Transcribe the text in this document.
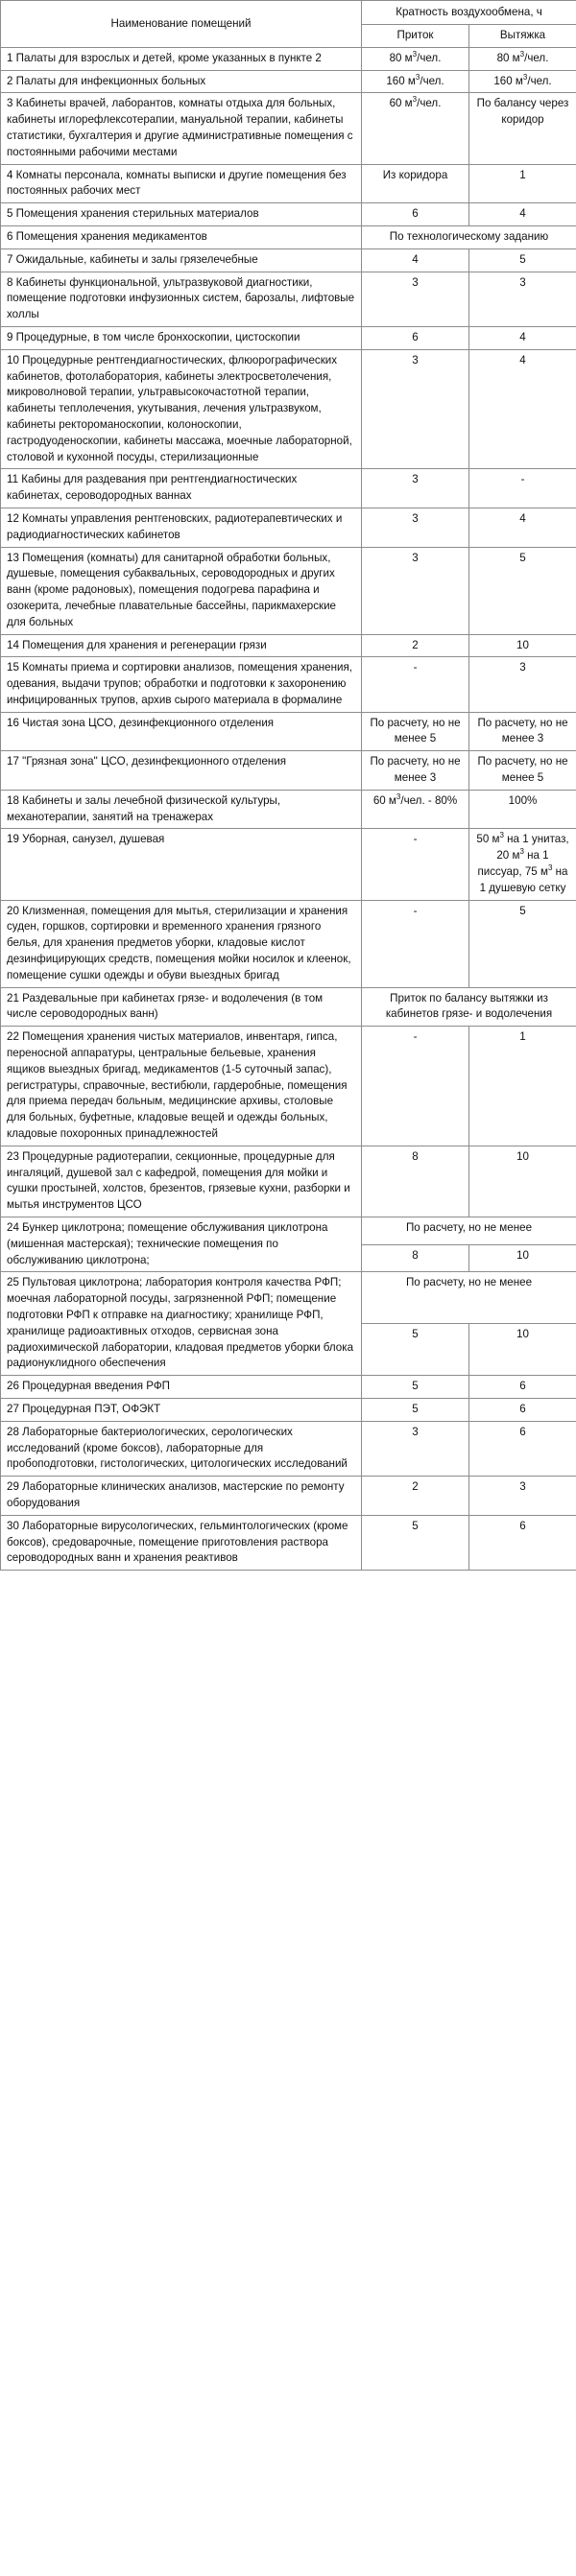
Наименование помещений	Кратность воздухообмена, ч	
	Приток	Вытяжка
1 Палаты для взрослых и детей, кроме указанных в пункте 2	80 $м^3$/чел.	80 $м^3$/чел.
2 Палаты для инфекционных больных	160 $м^3$/чел.	160 $м^3$/чел.
3 Кабинеты врачей, лаборантов, комнаты отдыха для больных, кабинеты иглорефлексотерапии, мануальной терапии, кабинеты статистики, бухгалтерия и другие административные помещения с постоянными рабочими местами	60 $м^3$/чел.	По балансу через коридор
4 Комнаты персонала, комнаты выписки и другие помещения без постоянных рабочих мест	Из коридора	1
5 Помещения хранения стерильных материалов	6	4
6 Помещения хранения медикаментов	По технологическому заданию	
7 Ожидальные, кабинеты и залы грязелечебные	4	5
8 Кабинеты функциональной, ультразвуковой диагностики, помещение подготовки инфузионных систем, барозалы, лифтовые холлы	3	3
9 Процедурные, в том числе бронхоскопии, цистоскопии	6	4
10 Процедурные рентгендиагностических, флюорографических кабинетов, фотолаборатория, кабинеты электросветолечения, микроволновой терапии, ультравысокочастотной терапии, кабинеты теплолечения, укутывания, лечения ультразвуком, кабинеты ректороманоскопии, колоноскопии, гастродуоденоскопии, кабинеты массажа, моечные лабораторной, столовой и кухонной посуды, стерилизационные	3	4
11 Кабины для раздевания при рентгендиагностических кабинетах, сероводородных ваннах	3	-
12 Комнаты управления рентгеновских, радиотерапевтических и радиодиагностических кабинетов	3	4
13 Помещения (комнаты) для санитарной обработки больных, душевые, помещения субаквальных, сероводородных и других ванн (кроме радоновых), помещения подогрева парафина и озокерита, лечебные плавательные бассейны, парикмахерские для больных	3	5
14 Помещения для хранения и регенерации грязи	2	10
15 Комнаты приема и сортировки анализов, помещения хранения, одевания, выдачи трупов; обработки и подготовки к захоронению инфицированных трупов, архив сырого материала в формалине	-	3
16 Чистая зона ЦСО, дезинфекционного отделения	По расчету, но не менее 5	По расчету, но не менее 3
17 "Грязная зона" ЦСО, дезинфекционного отделения	По расчету, но не менее 3	По расчету, но не менее 5
18 Кабинеты и залы лечебной физической культуры, механотерапии, занятий на тренажерах	60 $м^3$/чел. - 80%	100%
19 Уборная, санузел, душевая	-	50 $м^3$ на 1 унитаз, 20 $м^3$ на 1 писсуар, 75 $м^3$ на 1 душевую сетку
20 Клизменная, помещения для мытья, стерилизации и хранения суден, горшков, сортировки и временного хранения грязного белья, для хранения предметов уборки, кладовые кислот дезинфицирующих средств, помещения мойки носилок и клеенок, помещение сушки одежды и обуви выездных бригад	-	5
21 Раздевальные при кабинетах грязе- и водолечения (в том числе сероводородных ванн)	Приток по балансу вытяжки из кабинетов грязе- и водолечения	
22 Помещения хранения чистых материалов, инвентаря, гипса, переносной аппаратуры, центральные бельевые, хранения ящиков выездных бригад, медикаментов (1-5 суточный запас), регистратуры, справочные, вестибюли, гардеробные, помещения для приема передач больным, медицинские архивы, столовые для больных, буфетные, кладовые вещей и одежды больных, кладовые похоронных принадлежностей	-	1
23 Процедурные радиотерапии, секционные, процедурные для ингаляций, душевой зал с кафедрой, помещения для мойки и сушки простыней, холстов, брезентов, грязевые кухни, разборки и мытья инструментов ЦСО	8	10
24 Бункер циклотрона; помещение обслуживания циклотрона (мишенная мастерская); технические помещения по обслуживанию циклотрона;	По расчету, но не менее	
	8	10
25 Пультовая циклотрона; лаборатория контроля качества РФП; моечная лабораторной посуды, загрязненной РФП; помещение подготовки РФП к отправке на диагностику; хранилище РФП, хранилище радиоактивных отходов, сервисная зона радиохимической лаборатории, кладовая предметов уборки блока радионуклидного обеспечения	По расчету, но не менее	
	5	10
26 Процедурная введения РФП	5	6
27 Процедурная ПЭТ, ОФЭКТ	5	6
28 Лабораторные бактериологических, серологических исследований (кроме боксов), лабораторные для пробоподготовки, гистологических, цитологических исследований	3	6
29 Лабораторные клинических анализов, мастерские по ремонту оборудования	2	3
30 Лабораторные вирусологических, гельминтологических (кроме боксов), средоварочные, помещение приготовления раствора сероводородных ванн и хранения реактивов	5	6
